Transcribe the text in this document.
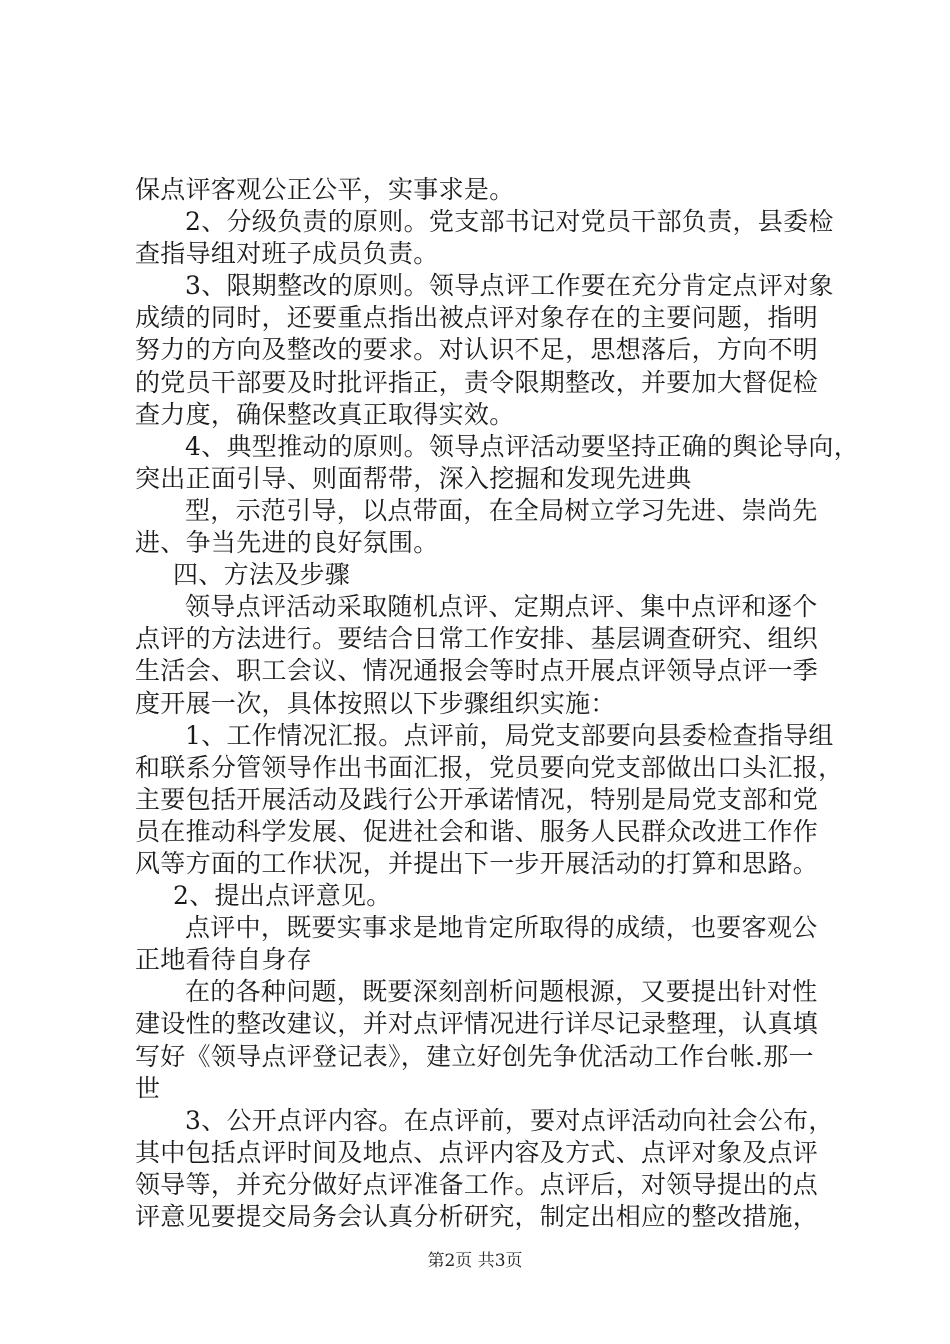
保点评客观公正公平，实事求是。
2、分级负责的原则。党支部书记对党员干部负责，县委检
查指导组对班子成员负责。
3、限期整改的原则。领导点评工作要在充分肯定点评对象
成绩的同时，还要重点指出被点评对象存在的主要问题，指明
努力的方向及整改的要求。对认识不足，思想落后，方向不明
的党员干部要及时批评指正，责令限期整改，并要加大督促检
查力度，确保整改真正取得实效。
4、典型推动的原则。领导点评活动要坚持正确的舆论导向，
突出正面引导、则面帮带，深入挖掘和发现先进典
型，示范引导，以点带面，在全局树立学习先进、崇尚先
进、争当先进的良好氛围。
四、方法及步骤
领导点评活动采取随机点评、定期点评、集中点评和逐个
点评的方法进行。要结合日常工作安排、基层调查研究、组织
生活会、职工会议、情况通报会等时点开展点评领导点评一季
度开展一次，具体按照以下步骤组织实施：
1、工作情况汇报。点评前，局党支部要向县委检查指导组
和联系分管领导作出书面汇报，党员要向党支部做出口头汇报，
主要包括开展活动及践行公开承诺情况，特别是局党支部和党
员在推动科学发展、促进社会和谐、服务人民群众改进工作作
风等方面的工作状况，并提出下一步开展活动的打算和思路。
2、提出点评意见。
点评中，既要实事求是地肯定所取得的成绩，也要客观公
正地看待自身存
在的各种问题，既要深刻剖析问题根源，又要提出针对性
建设性的整改建议，并对点评情况进行详尽记录整理，认真填
写好《领导点评登记表》，建立好创先争优活动工作台帐.那一
世
3、公开点评内容。在点评前，要对点评活动向社会公布，
其中包括点评时间及地点、点评内容及方式、点评对象及点评
领导等，并充分做好点评准备工作。点评后，对领导提出的点
评意见要提交局务会认真分析研究，制定出相应的整改措施，
第2页 共3页
